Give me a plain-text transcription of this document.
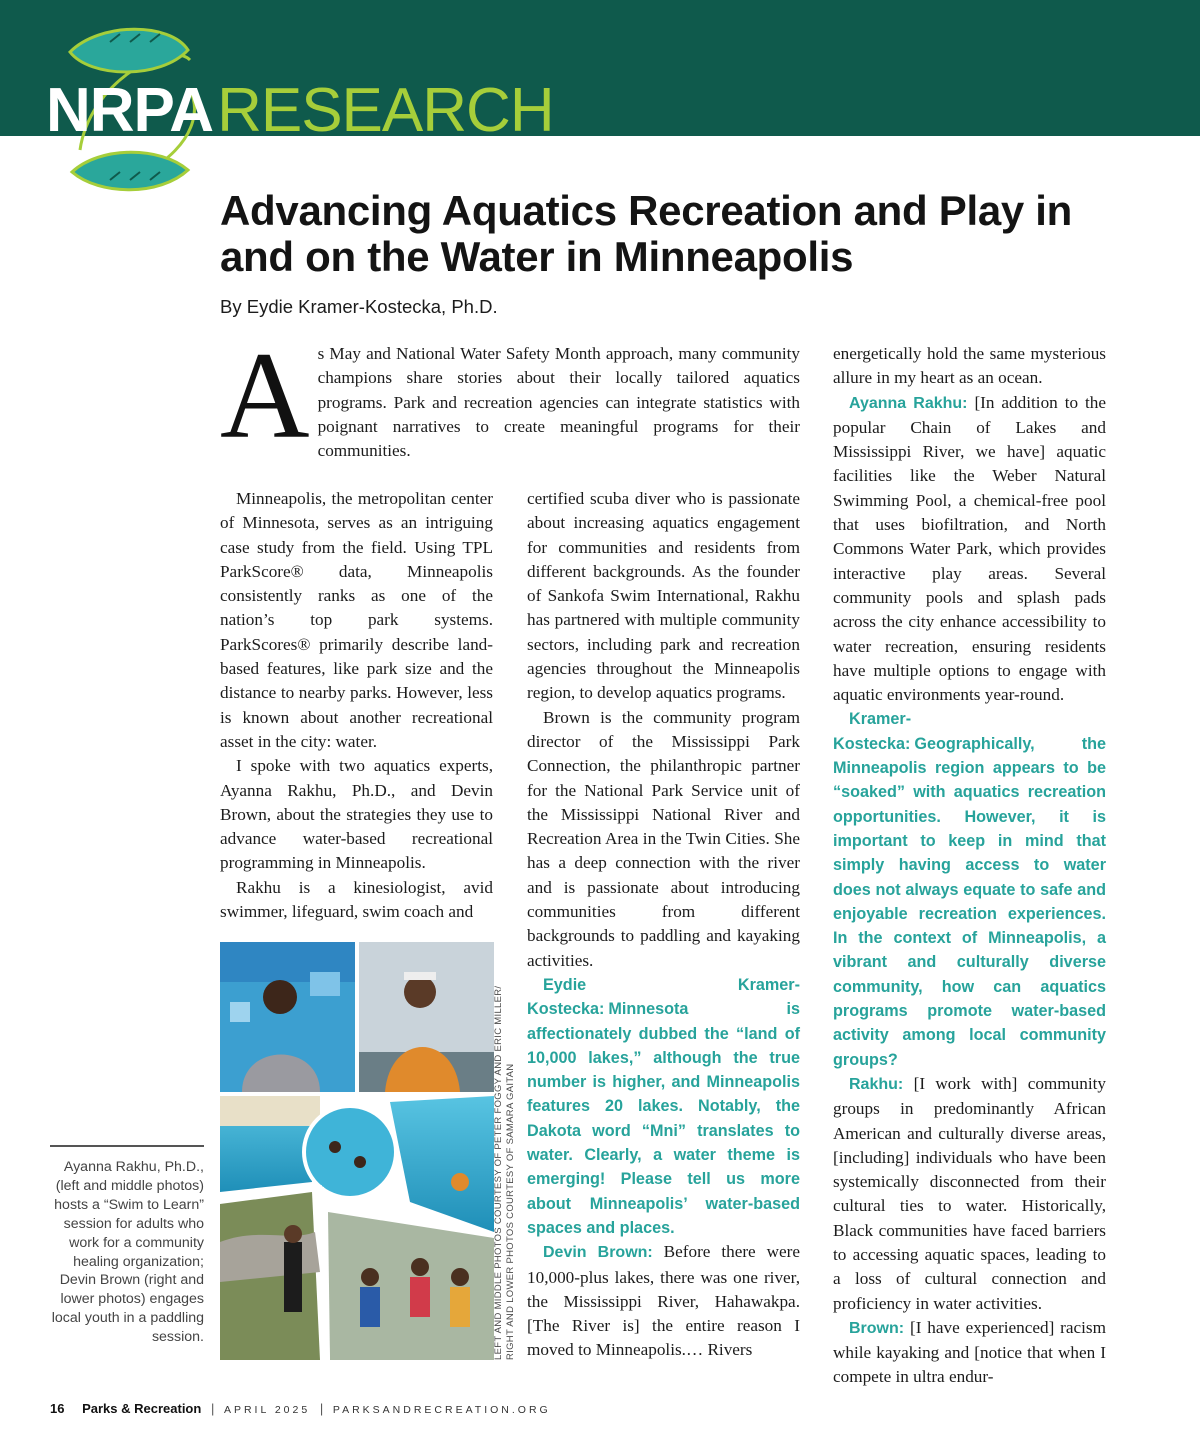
NRPARESEARCH
Advancing Aquatics Recreation and Play in and on the Water in Minneapolis
By Eydie Kramer-Kostecka, Ph.D.
A s May and National Water Safety Month approach, many community champions share stories about their locally tailored aquatics programs. Park and recreation agencies can integrate statistics with poignant narratives to create meaningful programs for their communities.

Minneapolis, the metropolitan center of Minnesota, serves as an intriguing case study from the field. Using TPL ParkScore® data, Minneapolis consistently ranks as one of the nation’s top park systems. ParkScores® primarily describe land-based features, like park size and the distance to nearby parks. However, less is known about another recreational asset in the city: water.

I spoke with two aquatics experts, Ayanna Rakhu, Ph.D., and Devin Brown, about the strategies they use to advance water-based recreational programming in Minneapolis.

Rakhu is a kinesiologist, avid swimmer, lifeguard, swim coach and

certified scuba diver who is passionate about increasing aquatics engagement for communities and residents from different backgrounds. As the founder of Sankofa Swim International, Rakhu has partnered with multiple community sectors, including park and recreation agencies throughout the Minneapolis region, to develop aquatics programs.

Brown is the community program director of the Mississippi Park Connection, the philanthropic partner for the National Park Service unit of the Mississippi National River and Recreation Area in the Twin Cities. She has a deep connection with the river and is passionate about introducing communities from different backgrounds to paddling and kayaking activities.

Eydie Kramer-Kostecka: Minnesota is affectionately dubbed the “land of 10,000 lakes,” although the true number is higher, and Minneapolis features 20 lakes. Notably, the Dakota word “Mni” translates to water. Clearly, a water theme is emerging! Please tell us more about Minneapolis’ water-based spaces and places.

Devin Brown: Before there were 10,000-plus lakes, there was one river, the Mississippi River, Hahawakpa. [The River is] the entire reason I moved to Minneapolis.… Rivers

energetically hold the same mysterious allure in my heart as an ocean.

Ayanna Rakhu: [In addition to the popular Chain of Lakes and Mississippi River, we have] aquatic facilities like the Weber Natural Swimming Pool, a chemical-free pool that uses biofiltration, and North Commons Water Park, which provides interactive play areas. Several community pools and splash pads across the city enhance accessibility to water recreation, ensuring residents have multiple options to engage with aquatic environments year-round.

Kramer-Kostecka: Geographically, the Minneapolis region appears to be “soaked” with aquatics recreation opportunities. However, it is important to keep in mind that simply having access to water does not always equate to safe and enjoyable recreation experiences. In the context of Minneapolis, a vibrant and culturally diverse community, how can aquatics programs promote water-based activity among local community groups?

Rakhu: [I work with] community groups in predominantly African American and culturally diverse areas, [including] individuals who have been systemically disconnected from their cultural ties to water. Historically, Black communities have faced barriers to accessing aquatic spaces, leading to a loss of cultural connection and proficiency in water activities.

Brown: [I have experienced] racism while kayaking and [notice that when I compete in ultra endur-

LEFT AND MIDDLE PHOTOS COURTESY OF PETER FOGGY AND ERIC MILLER/ RIGHT AND LOWER PHOTOS COURTESY OF SAMARA GAITAN

Ayanna Rakhu, Ph.D., (left and middle photos) hosts a “Swim to Learn” session for adults who work for a community healing organization; Devin Brown (right and lower photos) engages local youth in a paddling session.

16 Parks & Recreation | APRIL 2025 | PARKSANDRECREATION.ORG
